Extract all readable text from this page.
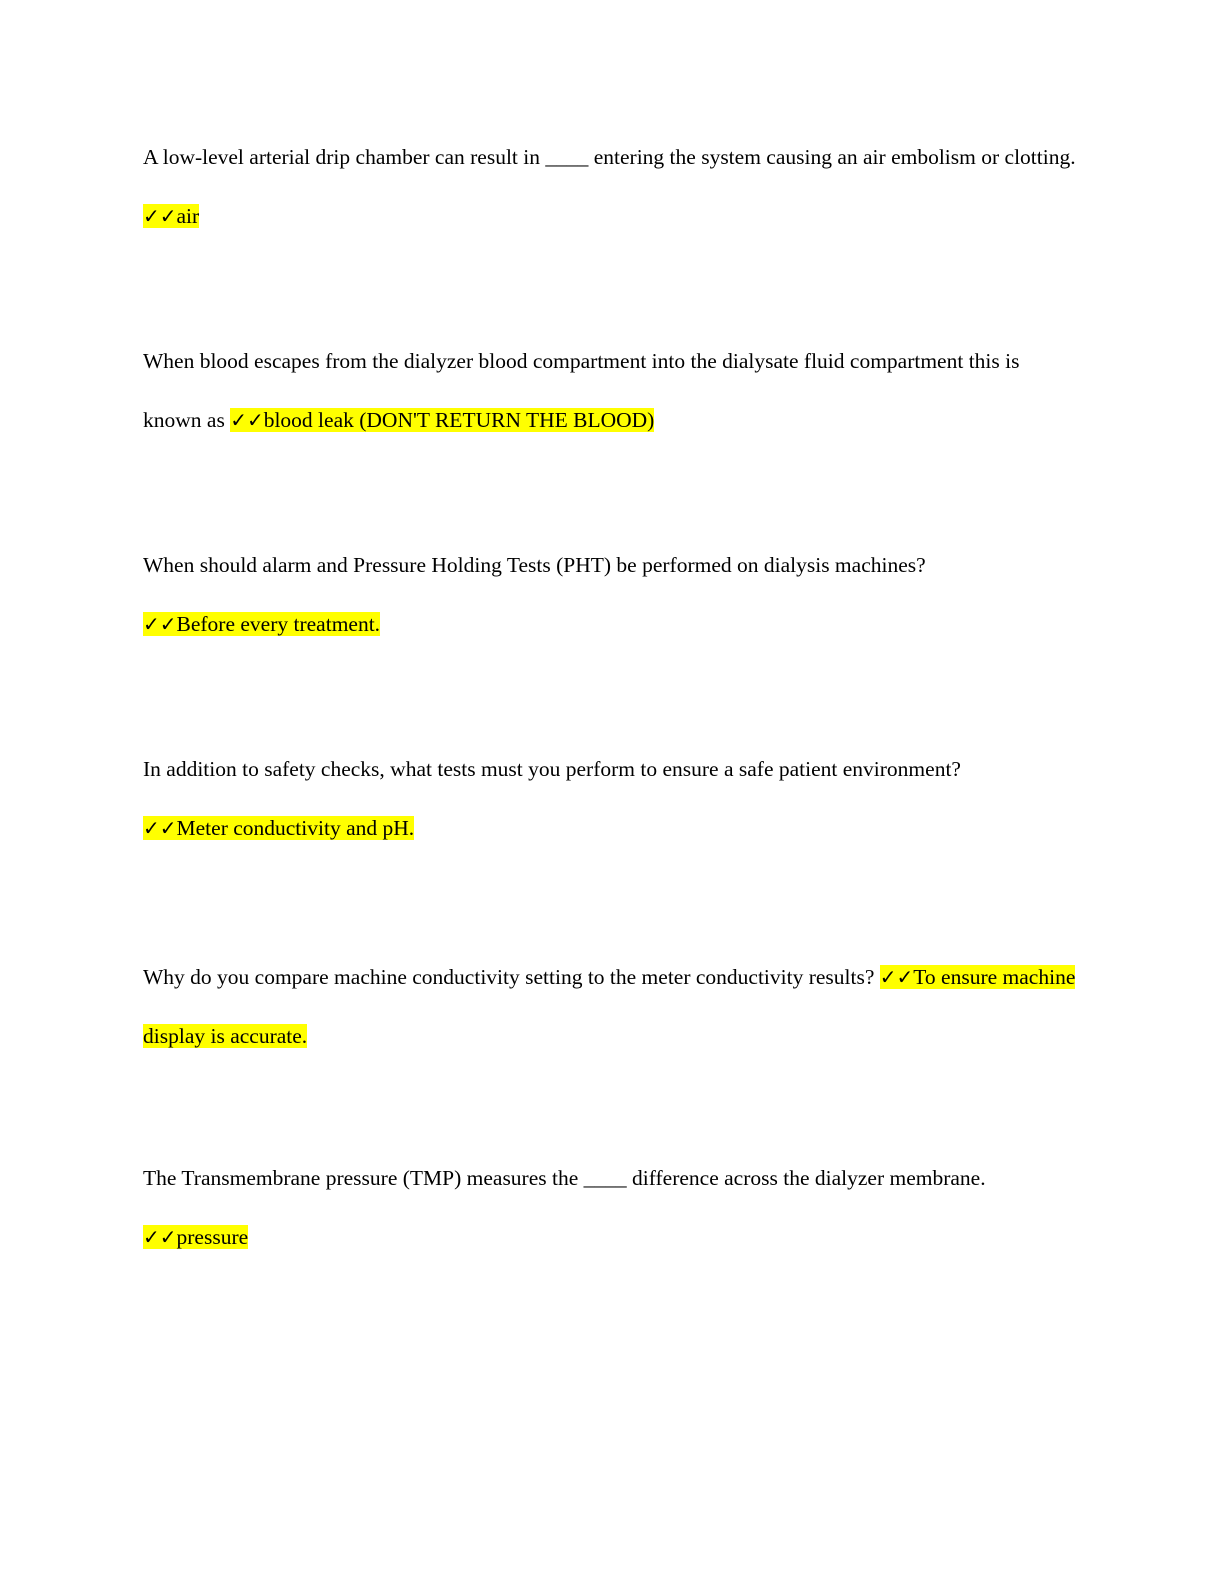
A low-level arterial drip chamber can result in ____ entering the system causing an air embolism or clotting. ✓✓air

When blood escapes from the dialyzer blood compartment into the dialysate fluid compartment this is known as ✓✓blood leak (DON'T RETURN THE BLOOD)

When should alarm and Pressure Holding Tests (PHT) be performed on dialysis machines?
✓✓Before every treatment.

In addition to safety checks, what tests must you perform to ensure a safe patient environment?
✓✓Meter conductivity and pH.

Why do you compare machine conductivity setting to the meter conductivity results? ✓✓To ensure machine display is accurate.

The Transmembrane pressure (TMP) measures the ____ difference across the dialyzer membrane. ✓✓pressure
